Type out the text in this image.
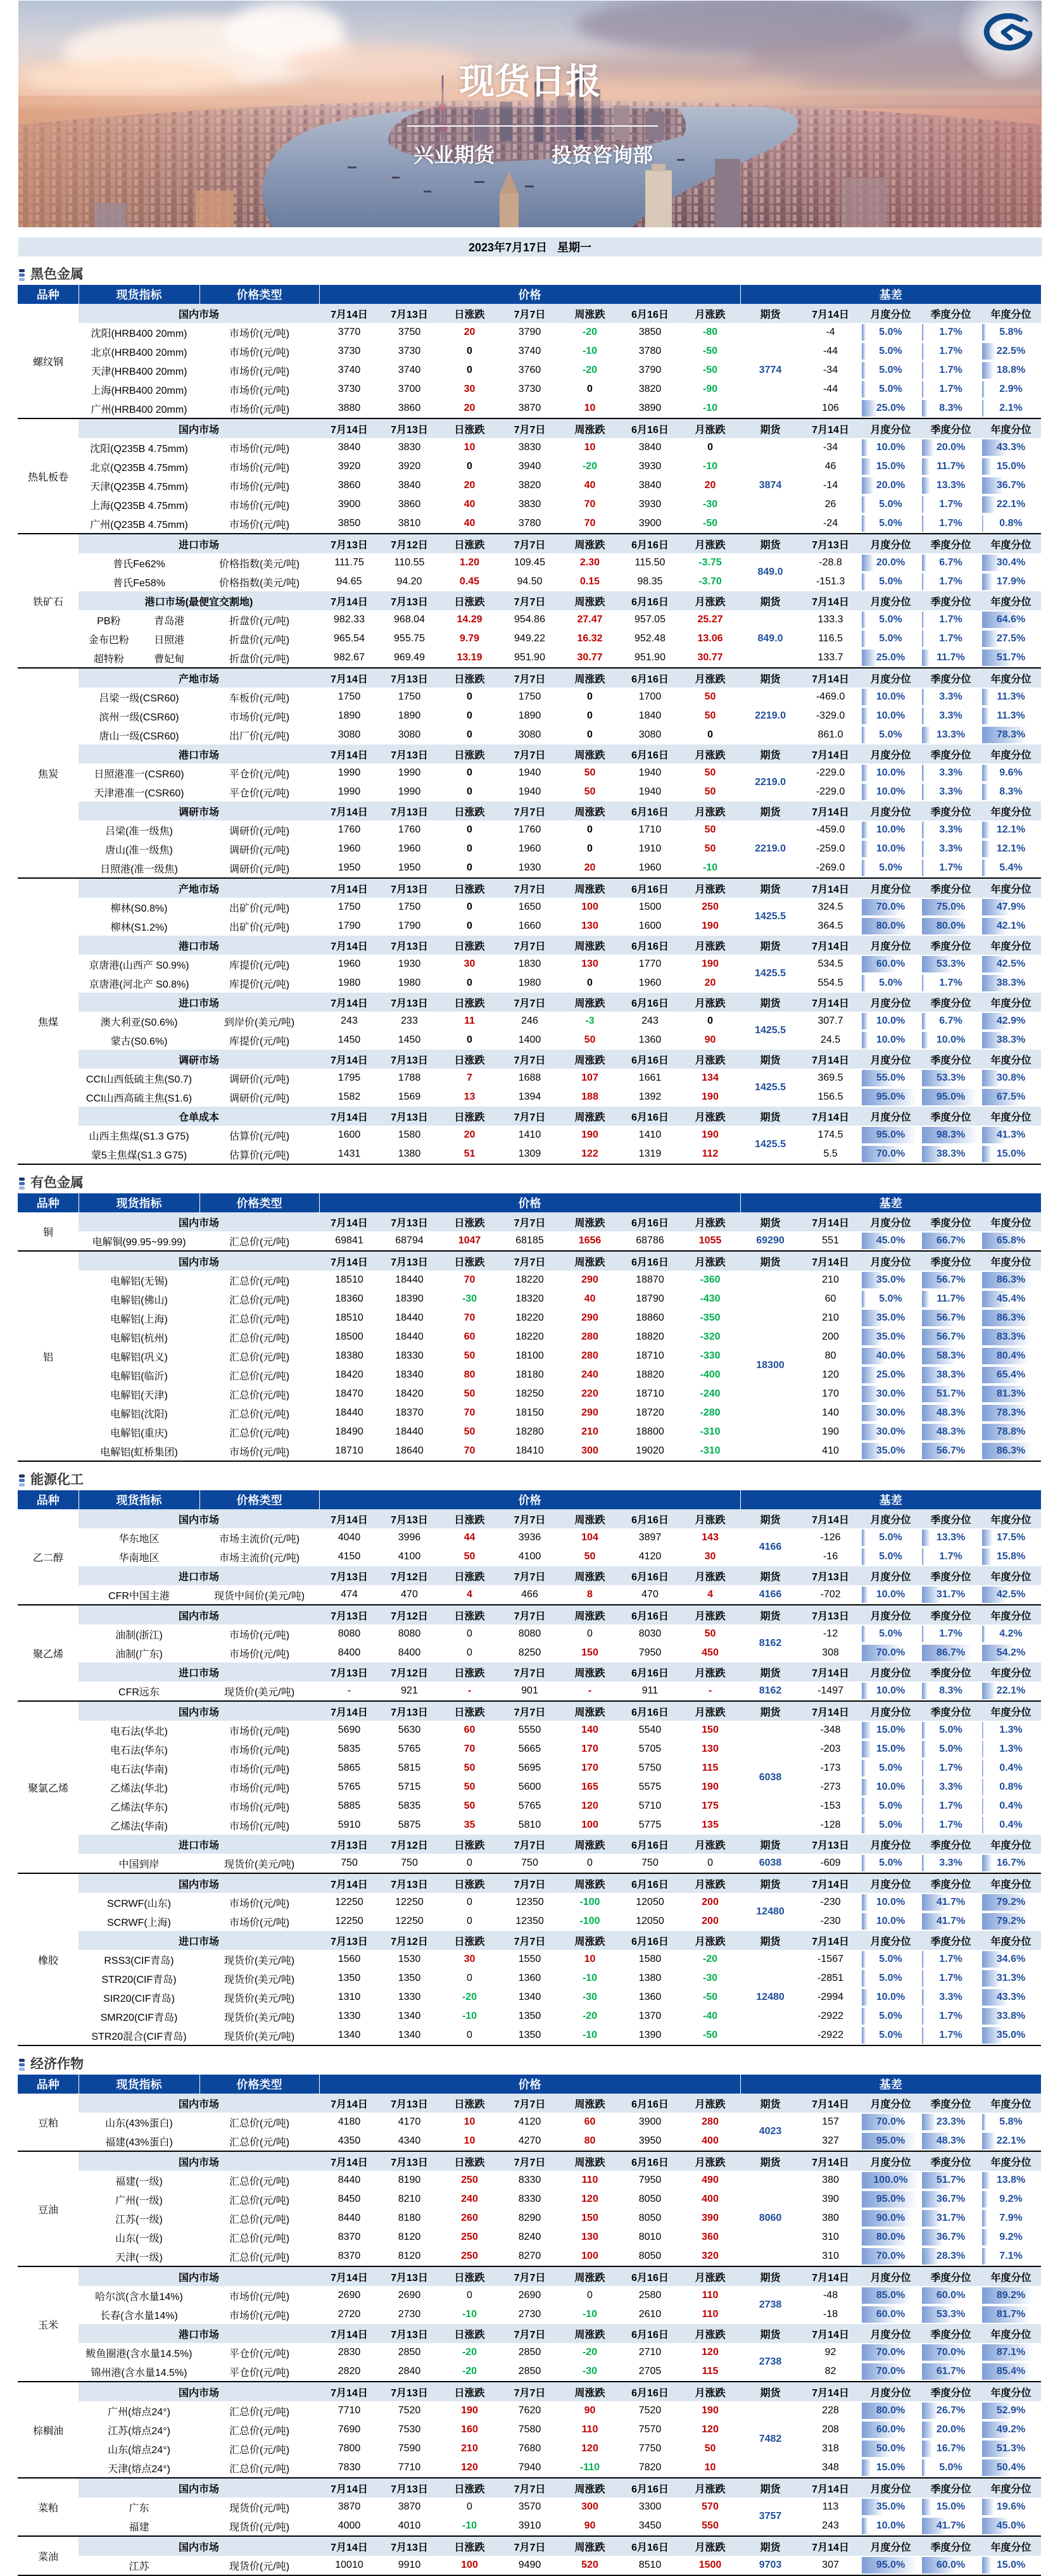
现货日报
兴业期货	投资咨询部
2023年7月17日 星期一
黑色金属
品种	现货指标	价格类型	价格							基差				
螺纹钢	国内市场		7月14日	7月13日	日涨跌	7月7日	周涨跌	6月16日	月涨跌	期货	7月14日	月度分位	季度分位	年度分位
	沈阳(HRB400 20mm)	市场价(元/吨)	3770	3750	20	3790	-20	3850	-80	3774	-4	5.0%	1.7%	5.8%
	北京(HRB400 20mm)	市场价(元/吨)	3730	3730	0	3740	-10	3780	-50		-44	5.0%	1.7%	22.5%
	天津(HRB400 20mm)	市场价(元/吨)	3740	3740	0	3760	-20	3790	-50		-34	5.0%	1.7%	18.8%
	上海(HRB400 20mm)	市场价(元/吨)	3730	3700	30	3730	0	3820	-90		-44	5.0%	1.7%	2.9%
	广州(HRB400 20mm)	市场价(元/吨)	3880	3860	20	3870	10	3890	-10		106	25.0%	8.3%	2.1%
热轧板卷	国内市场		7月14日	7月13日	日涨跌	7月7日	周涨跌	6月16日	月涨跌	期货	7月14日	月度分位	季度分位	年度分位
	沈阳(Q235B 4.75mm)	市场价(元/吨)	3840	3830	10	3830	10	3840	0	3874	-34	10.0%	20.0%	43.3%
	北京(Q235B 4.75mm)	市场价(元/吨)	3920	3920	0	3940	-20	3930	-10		46	15.0%	11.7%	15.0%
	天津(Q235B 4.75mm)	市场价(元/吨)	3860	3840	20	3820	40	3840	20		-14	20.0%	13.3%	36.7%
	上海(Q235B 4.75mm)	市场价(元/吨)	3900	3860	40	3830	70	3930	-30		26	5.0%	1.7%	22.1%
	广州(Q235B 4.75mm)	市场价(元/吨)	3850	3810	40	3780	70	3900	-50		-24	5.0%	1.7%	0.8%
铁矿石	进口市场		7月13日	7月12日	日涨跌	7月7日	周涨跌	6月16日	月涨跌	期货	7月13日	月度分位	季度分位	年度分位
	普氏Fe62%	价格指数(美元/吨)	111.75	110.55	1.20	109.45	2.30	115.50	-3.75	849.0	-28.8	20.0%	6.7%	30.4%
	普氏Fe58%	价格指数(美元/吨)	94.65	94.20	0.45	94.50	0.15	98.35	-3.70		-151.3	5.0%	1.7%	17.9%
	港口市场(最便宜交割地)		7月14日	7月13日	日涨跌	7月7日	周涨跌	6月16日	月涨跌	期货	7月14日	月度分位	季度分位	年度分位
	PB粉 青岛港	折盘价(元/吨)	982.33	968.04	14.29	954.86	27.47	957.05	25.27	849.0	133.3	5.0%	1.7%	64.6%
	金布巴粉 日照港	折盘价(元/吨)	965.54	955.75	9.79	949.22	16.32	952.48	13.06		116.5	5.0%	1.7%	27.5%
	超特粉 曹妃甸	折盘价(元/吨)	982.67	969.49	13.19	951.90	30.77	951.90	30.77		133.7	25.0%	11.7%	51.7%
焦炭	产地市场		7月14日	7月13日	日涨跌	7月7日	周涨跌	6月16日	月涨跌	期货	7月14日	月度分位	季度分位	年度分位
	吕梁一级(CSR60)	车板价(元/吨)	1750	1750	0	1750	0	1700	50	2219.0	-469.0	10.0%	3.3%	11.3%
	滨州一级(CSR60)	市场价(元/吨)	1890	1890	0	1890	0	1840	50		-329.0	10.0%	3.3%	11.3%
	唐山一级(CSR60)	出厂价(元/吨)	3080	3080	0	3080	0	3080	0		861.0	5.0%	13.3%	78.3%
	港口市场		7月14日	7月13日	日涨跌	7月7日	周涨跌	6月16日	月涨跌	期货	7月14日	月度分位	季度分位	年度分位
	日照港准一(CSR60)	平仓价(元/吨)	1990	1990	0	1940	50	1940	50	2219.0	-229.0	10.0%	3.3%	9.6%
	天津港准一(CSR60)	平仓价(元/吨)	1990	1990	0	1940	50	1940	50		-229.0	10.0%	3.3%	8.3%
	调研市场		7月14日	7月13日	日涨跌	7月7日	周涨跌	6月16日	月涨跌	期货	7月14日	月度分位	季度分位	年度分位
	吕梁(准一级焦)	调研价(元/吨)	1760	1760	0	1760	0	1710	50	2219.0	-459.0	10.0%	3.3%	12.1%
	唐山(准一级焦)	调研价(元/吨)	1960	1960	0	1960	0	1910	50		-259.0	10.0%	3.3%	12.1%
	日照港(准一级焦)	调研价(元/吨)	1950	1950	0	1930	20	1960	-10		-269.0	5.0%	1.7%	5.4%
焦煤	产地市场		7月14日	7月13日	日涨跌	7月7日	周涨跌	6月16日	月涨跌	期货	7月14日	月度分位	季度分位	年度分位
	柳林(S0.8%)	出矿价(元/吨)	1750	1750	0	1650	100	1500	250	1425.5	324.5	70.0%	75.0%	47.9%
	柳林(S1.2%)	出矿价(元/吨)	1790	1790	0	1660	130	1600	190		364.5	80.0%	80.0%	42.1%
	港口市场		7月14日	7月13日	日涨跌	7月7日	周涨跌	6月16日	月涨跌	期货	7月14日	月度分位	季度分位	年度分位
	京唐港(山西产 S0.9%)	库提价(元/吨)	1960	1930	30	1830	130	1770	190	1425.5	534.5	60.0%	53.3%	42.5%
	京唐港(河北产 S0.8%)	库提价(元/吨)	1980	1980	0	1980	0	1960	20		554.5	5.0%	1.7%	38.3%
	进口市场		7月14日	7月13日	日涨跌	7月7日	周涨跌	6月16日	月涨跌	期货	7月14日	月度分位	季度分位	年度分位
	澳大利亚(S0.6%)	到岸价(美元/吨)	243	233	11	246	-3	243	0	1425.5	307.7	10.0%	6.7%	42.9%
	蒙古(S0.6%)	库提价(元/吨)	1450	1450	0	1400	50	1360	90		24.5	10.0%	10.0%	38.3%
	调研市场		7月14日	7月13日	日涨跌	7月7日	周涨跌	6月16日	月涨跌	期货	7月14日	月度分位	季度分位	年度分位
	CCI山西低硫主焦(S0.7)	调研价(元/吨)	1795	1788	7	1688	107	1661	134	1425.5	369.5	55.0%	53.3%	30.8%
	CCI山西高硫主焦(S1.6)	调研价(元/吨)	1582	1569	13	1394	188	1392	190		156.5	95.0%	95.0%	67.5%
	仓单成本		7月14日	7月13日	日涨跌	7月7日	周涨跌	6月16日	月涨跌	期货	7月14日	月度分位	季度分位	年度分位
	山西主焦煤(S1.3 G75)	估算价(元/吨)	1600	1580	20	1410	190	1410	190	1425.5	174.5	95.0%	98.3%	41.3%
	蒙5主焦煤(S1.3 G75)	估算价(元/吨)	1431	1380	51	1309	122	1319	112		5.5	70.0%	38.3%	15.0%
有色金属
品种	现货指标	价格类型	价格							基差				
铜	国内市场		7月14日	7月13日	日涨跌	7月7日	周涨跌	6月16日	月涨跌	期货	7月14日	月度分位	季度分位	年度分位
	电解铜(99.95~99.99)	汇总价(元/吨)	69841	68794	1047	68185	1656	68786	1055	69290	551	45.0%	66.7%	65.8%
铝	国内市场		7月14日	7月13日	日涨跌	7月7日	周涨跌	6月16日	月涨跌	期货	7月14日	月度分位	季度分位	年度分位
	电解铝(无锡)	汇总价(元/吨)	18510	18440	70	18220	290	18870	-360	18300	210	35.0%	56.7%	86.3%
	电解铝(佛山)	汇总价(元/吨)	18360	18390	-30	18320	40	18790	-430		60	5.0%	11.7%	45.4%
	电解铝(上海)	汇总价(元/吨)	18510	18440	70	18220	290	18860	-350		210	35.0%	56.7%	86.3%
	电解铝(杭州)	汇总价(元/吨)	18500	18440	60	18220	280	18820	-320		200	35.0%	56.7%	83.3%
	电解铝(巩义)	汇总价(元/吨)	18380	18330	50	18100	280	18710	-330		80	40.0%	58.3%	80.4%
	电解铝(临沂)	汇总价(元/吨)	18420	18340	80	18180	240	18820	-400		120	25.0%	38.3%	65.4%
	电解铝(天津)	汇总价(元/吨)	18470	18420	50	18250	220	18710	-240		170	30.0%	51.7%	81.3%
	电解铝(沈阳)	汇总价(元/吨)	18440	18370	70	18150	290	18720	-280		140	30.0%	48.3%	78.3%
	电解铝(重庆)	汇总价(元/吨)	18490	18440	50	18280	210	18800	-310		190	30.0%	48.3%	78.8%
	电解铝(虹桥集团)	市场价(元/吨)	18710	18640	70	18410	300	19020	-310		410	35.0%	56.7%	86.3%
能源化工
品种	现货指标	价格类型	价格							基差				
乙二醇	国内市场		7月14日	7月13日	日涨跌	7月7日	周涨跌	6月16日	月涨跌	期货	7月14日	月度分位	季度分位	年度分位
	华东地区	市场主流价(元/吨)	4040	3996	44	3936	104	3897	143	4166	-126	5.0%	13.3%	17.5%
	华南地区	市场主流价(元/吨)	4150	4100	50	4100	50	4120	30		-16	5.0%	1.7%	15.8%
	进口市场		7月13日	7月12日	日涨跌	7月7日	周涨跌	6月16日	月涨跌	期货	7月13日	月度分位	季度分位	年度分位
	CFR中国主港	现货中间价(美元/吨)	474	470	4	466	8	470	4	4166	-702	10.0%	31.7%	42.5%
聚乙烯	国内市场		7月13日	7月12日	日涨跌	7月7日	周涨跌	6月16日	月涨跌	期货	7月13日	月度分位	季度分位	年度分位
	油制(浙江)	市场价(元/吨)	8080	8080	0	8080	0	8030	50	8162	-12	5.0%	1.7%	4.2%
	油制(广东)	市场价(元/吨)	8400	8400	0	8250	150	7950	450		308	70.0%	86.7%	54.2%
	进口市场		7月13日	7月12日	日涨跌	7月7日	周涨跌	6月16日	月涨跌	期货	7月14日	月度分位	季度分位	年度分位
	CFR远东	现货价(美元/吨)	-	921	-	901	-	911	-	8162	-1497	10.0%	8.3%	22.1%
聚氯乙烯	国内市场		7月14日	7月13日	日涨跌	7月7日	周涨跌	6月16日	月涨跌	期货	7月14日	月度分位	季度分位	年度分位
	电石法(华北)	市场价(元/吨)	5690	5630	60	5550	140	5540	150	6038	-348	15.0%	5.0%	1.3%
	电石法(华东)	市场价(元/吨)	5835	5765	70	5665	170	5705	130		-203	15.0%	5.0%	1.3%
	电石法(华南)	市场价(元/吨)	5865	5815	50	5695	170	5750	115		-173	5.0%	1.7%	0.4%
	乙烯法(华北)	市场价(元/吨)	5765	5715	50	5600	165	5575	190		-273	10.0%	3.3%	0.8%
	乙烯法(华东)	市场价(元/吨)	5885	5835	50	5765	120	5710	175		-153	5.0%	1.7%	0.4%
	乙烯法(华南)	市场价(元/吨)	5910	5875	35	5810	100	5775	135		-128	5.0%	1.7%	0.4%
	进口市场		7月13日	7月12日	日涨跌	7月7日	周涨跌	6月16日	月涨跌	期货	7月13日	月度分位	季度分位	年度分位
	中国到岸	现货价(美元/吨)	750	750	0	750	0	750	0	6038	-609	5.0%	3.3%	16.7%
橡胶	国内市场		7月14日	7月13日	日涨跌	7月7日	周涨跌	6月16日	月涨跌	期货	7月14日	月度分位	季度分位	年度分位
	SCRWF(山东)	市场价(元/吨)	12250	12250	0	12350	-100	12050	200	12480	-230	10.0%	41.7%	79.2%
	SCRWF(上海)	市场价(元/吨)	12250	12250	0	12350	-100	12050	200		-230	10.0%	41.7%	79.2%
	进口市场		7月13日	7月12日	日涨跌	7月7日	周涨跌	6月16日	月涨跌	期货	7月14日	月度分位	季度分位	年度分位
	RSS3(CIF青岛)	现货价(美元/吨)	1560	1530	30	1550	10	1580	-20	12480	-1567	5.0%	1.7%	34.6%
	STR20(CIF青岛)	现货价(美元/吨)	1350	1350	0	1360	-10	1380	-30		-2851	5.0%	1.7%	31.3%
	SIR20(CIF青岛)	现货价(美元/吨)	1310	1330	-20	1340	-30	1360	-50		-2994	10.0%	3.3%	43.3%
	SMR20(CIF青岛)	现货价(美元/吨)	1330	1340	-10	1350	-20	1370	-40		-2922	5.0%	1.7%	33.8%
	STR20混合(CIF青岛)	现货价(美元/吨)	1340	1340	0	1350	-10	1390	-50		-2922	5.0%	1.7%	35.0%
经济作物
品种	现货指标	价格类型	价格							基差				
豆粕	国内市场		7月14日	7月13日	日涨跌	7月7日	周涨跌	6月16日	月涨跌	期货	7月14日	月度分位	季度分位	年度分位
	山东(43%蛋白)	汇总价(元/吨)	4180	4170	10	4120	60	3900	280	4023	157	70.0%	23.3%	5.8%
	福建(43%蛋白)	汇总价(元/吨)	4350	4340	10	4270	80	3950	400		327	95.0%	48.3%	22.1%
豆油	国内市场		7月14日	7月13日	日涨跌	7月7日	周涨跌	6月16日	月涨跌	期货	7月14日	月度分位	季度分位	年度分位
	福建(一级)	汇总价(元/吨)	8440	8190	250	8330	110	7950	490	8060	380	100.0%	51.7%	13.8%
	广州(一级)	汇总价(元/吨)	8450	8210	240	8330	120	8050	400		390	95.0%	36.7%	9.2%
	江苏(一级)	汇总价(元/吨)	8440	8180	260	8290	150	8050	390		380	90.0%	31.7%	7.9%
	山东(一级)	汇总价(元/吨)	8370	8120	250	8240	130	8010	360		310	80.0%	36.7%	9.2%
	天津(一级)	汇总价(元/吨)	8370	8120	250	8270	100	8050	320		310	70.0%	28.3%	7.1%
玉米	国内市场		7月14日	7月13日	日涨跌	7月7日	周涨跌	6月16日	月涨跌	期货	7月14日	月度分位	季度分位	年度分位
	哈尔滨(含水量14%)	市场价(元/吨)	2690	2690	0	2690	0	2580	110	2738	-48	85.0%	60.0%	89.2%
	长春(含水量14%)	市场价(元/吨)	2720	2730	-10	2730	-10	2610	110		-18	60.0%	53.3%	81.7%
	港口市场		7月14日	7月13日	日涨跌	7月7日	周涨跌	6月16日	月涨跌	期货	7月14日	月度分位	季度分位	年度分位
	鲅鱼圈港(含水量14.5%)	平仓价(元/吨)	2830	2850	-20	2850	-20	2710	120	2738	92	70.0%	70.0%	87.1%
	锦州港(含水量14.5%)	平仓价(元/吨)	2820	2840	-20	2850	-30	2705	115		82	70.0%	61.7%	85.4%
棕榈油	国内市场		7月14日	7月13日	日涨跌	7月7日	周涨跌	6月16日	月涨跌	期货	7月14日	月度分位	季度分位	年度分位
	广州(熔点24°)	汇总价(元/吨)	7710	7520	190	7620	90	7520	190	7482	228	80.0%	26.7%	52.9%
	江苏(熔点24°)	汇总价(元/吨)	7690	7530	160	7580	110	7570	120		208	60.0%	20.0%	49.2%
	山东(熔点24°)	汇总价(元/吨)	7800	7590	210	7680	120	7750	50		318	50.0%	16.7%	51.3%
	天津(熔点24°)	汇总价(元/吨)	7830	7710	120	7940	-110	7820	10		348	15.0%	5.0%	50.4%
菜粕	国内市场		7月14日	7月13日	日涨跌	7月7日	周涨跌	6月16日	月涨跌	期货	7月14日	月度分位	季度分位	年度分位
	广东	现货价(元/吨)	3870	3870	0	3570	300	3300	570	3757	113	35.0%	15.0%	19.6%
	福建	现货价(元/吨)	4000	4010	-10	3910	90	3450	550		243	10.0%	41.7%	45.0%
菜油	国内市场		7月14日	7月13日	日涨跌	7月7日	周涨跌	6月16日	月涨跌	期货	7月14日	月度分位	季度分位	年度分位
	江苏	现货价(元/吨)	10010	9910	100	9490	520	8510	1500	9703	307	95.0%	60.0%	15.0%
